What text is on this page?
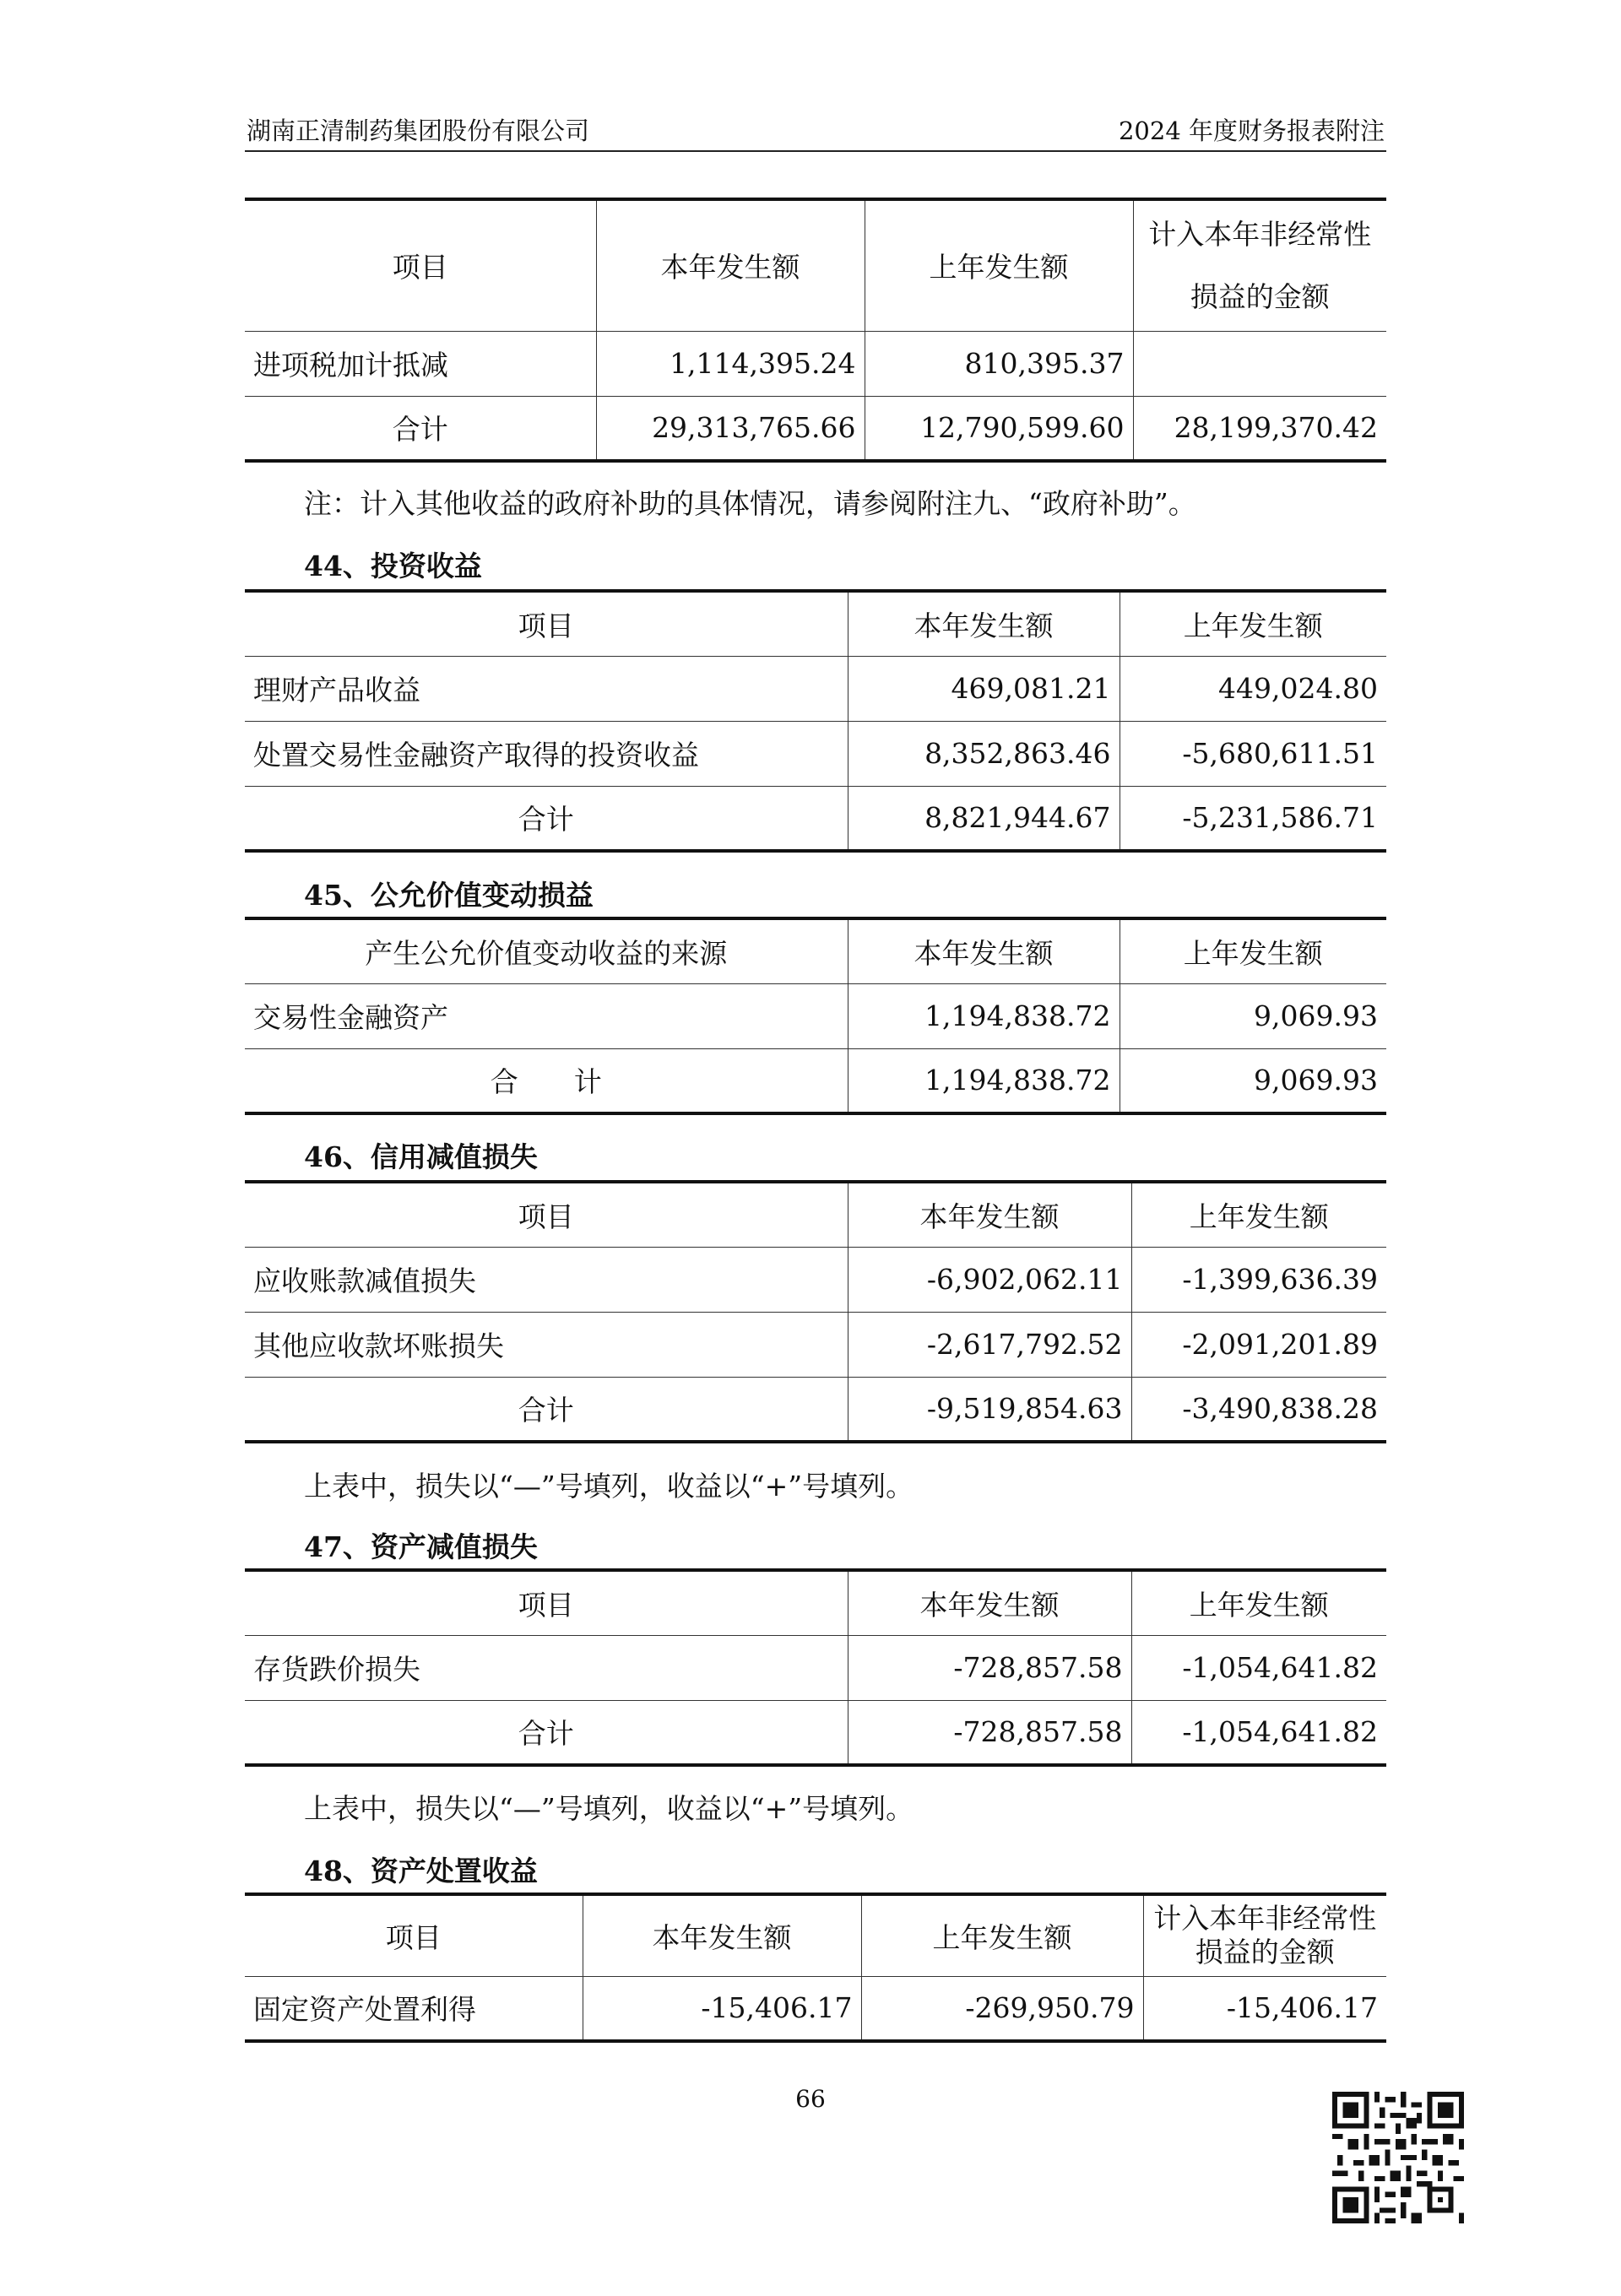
湖南正清制药集团股份有限公司	2024 年度财务报表附注
项目	本年发生额	上年发生额	计入本年非经常性损益的金额
进项税加计抵减	1,114,395.24	810,395.37	
合计	29,313,765.66	12,790,599.60	28,199,370.42
注：计入其他收益的政府补助的具体情况，请参阅附注九、“政府补助”。
44、投资收益
项目	本年发生额	上年发生额
理财产品收益	469,081.21	449,024.80
处置交易性金融资产取得的投资收益	8,352,863.46	-5,680,611.51
合计	8,821,944.67	-5,231,586.71
45、公允价值变动损益
产生公允价值变动收益的来源	本年发生额	上年发生额
交易性金融资产	1,194,838.72	9,069.93
合　　计	1,194,838.72	9,069.93
46、信用减值损失
项目	本年发生额	上年发生额
应收账款减值损失	-6,902,062.11	-1,399,636.39
其他应收款坏账损失	-2,617,792.52	-2,091,201.89
合计	-9,519,854.63	-3,490,838.28
上表中，损失以“—”号填列，收益以“+”号填列。
47、资产减值损失
项目	本年发生额	上年发生额
存货跌价损失	-728,857.58	-1,054,641.82
合计	-728,857.58	-1,054,641.82
上表中，损失以“—”号填列，收益以“+”号填列。
48、资产处置收益
项目	本年发生额	上年发生额	计入本年非经常性损益的金额
固定资产处置利得	-15,406.17	-269,950.79	-15,406.17
66
